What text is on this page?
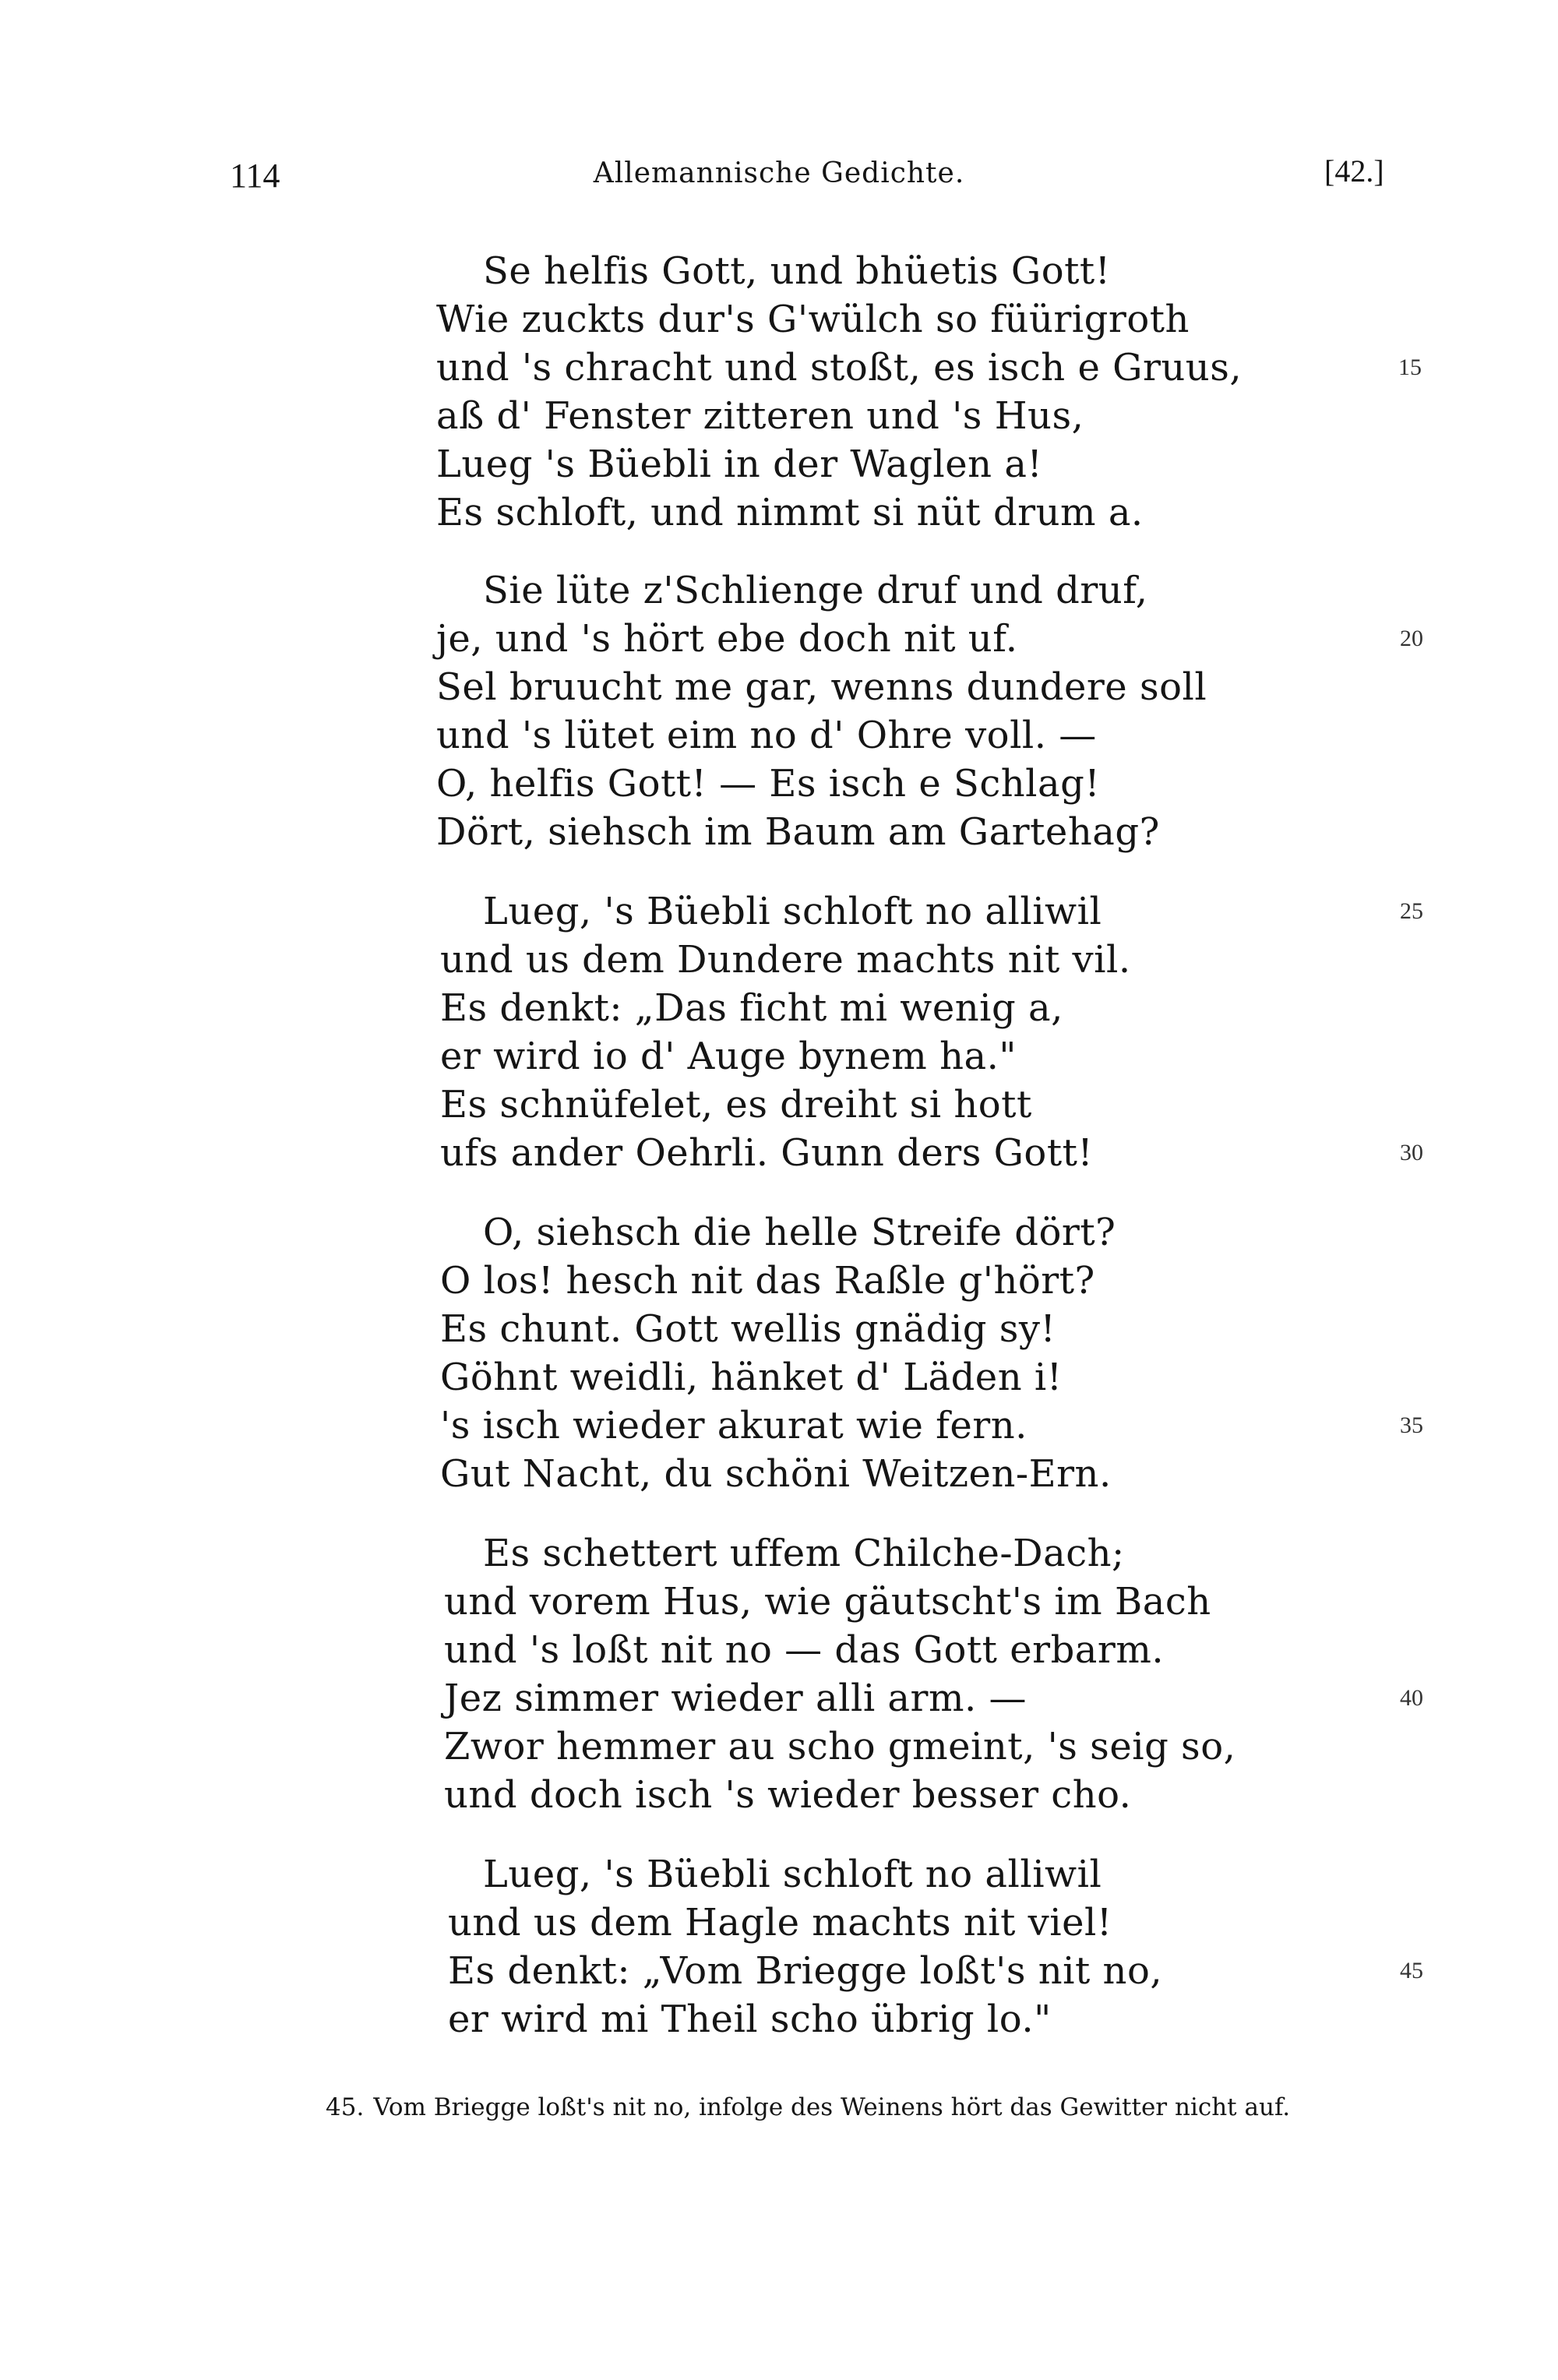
114	Allemannische Gedichte.	[42.]
Se helfis Gott, und bhüetis Gott!
Wie zuckts dur's G'wülch so füürigroth
und 's chracht und stoßt, es isch e Gruus,
aß d' Fenster zitteren und 's Hus,
Lueg 's Büebli in der Waglen a!
Es schloft, und nimmt si nüt drum a.
Sie lüte z'Schlienge druf und druf,
je, und 's hört ebe doch nit uf.
Sel bruucht me gar, wenns dundere soll
und 's lütet eim no d' Ohre voll. —
O, helfis Gott! — Es isch e Schlag!
Dört, siehsch im Baum am Gartehag?
Lueg, 's Büebli schloft no alliwil
und us dem Dundere machts nit vil.
Es denkt: „Das ficht mi wenig a,
er wird io d' Auge bynem ha."
Es schnüfelet, es dreiht si hott
ufs ander Oehrli. Gunn ders Gott!
O, siehsch die helle Streife dört?
O los! hesch nit das Raßle g'hört?
Es chunt. Gott wellis gnädig sy!
Göhnt weidli, hänket d' Läden i!
's isch wieder akurat wie fern.
Gut Nacht, du schöni Weitzen-Ern.
Es schettert uffem Chilche-Dach;
und vorem Hus, wie gäutscht's im Bach
und 's loßt nit no — das Gott erbarm.
Jez simmer wieder alli arm. —
Zwor hemmer au scho gmeint, 's seig so,
und doch isch 's wieder besser cho.
Lueg, 's Büebli schloft no alliwil
und us dem Hagle machts nit viel!
Es denkt: „Vom Briegge loßt's nit no,
er wird mi Theil scho übrig lo."
15
20
25
30
35
40
45
45. Vom Briegge loßt's nit no, infolge des Weinens hört das Gewitter nicht auf.
